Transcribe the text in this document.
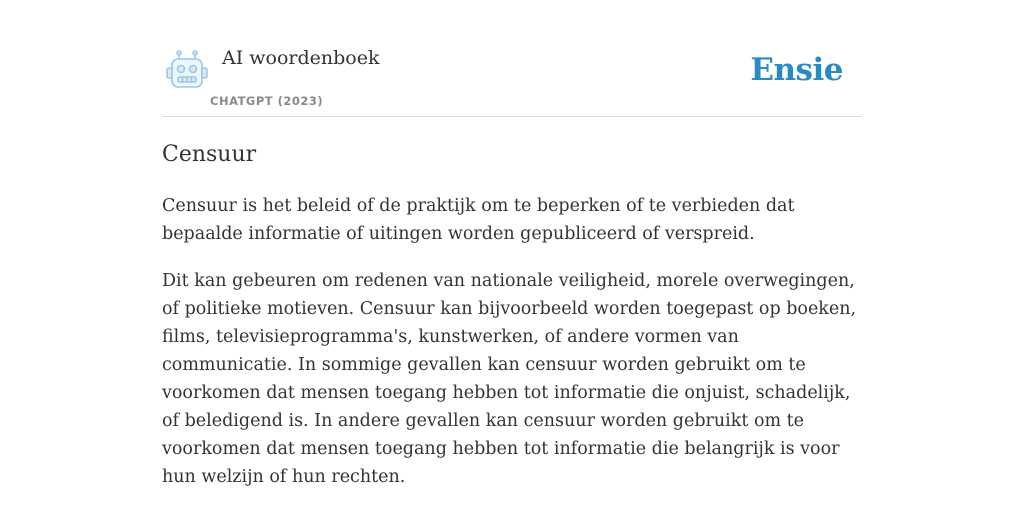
AI woordenboek
CHATGPT (2023)
Ensie
Censuur

Censuur is het beleid of de praktijk om te beperken of te verbieden dat bepaalde informatie of uitingen worden gepubliceerd of verspreid.

Dit kan gebeuren om redenen van nationale veiligheid, morele overwegingen, of politieke motieven. Censuur kan bijvoorbeeld worden toegepast op boeken, films, televisieprogramma's, kunstwerken, of andere vormen van communicatie. In sommige gevallen kan censuur worden gebruikt om te voorkomen dat mensen toegang hebben tot informatie die onjuist, schadelijk, of beledigend is. In andere gevallen kan censuur worden gebruikt om te voorkomen dat mensen toegang hebben tot informatie die belangrijk is voor hun welzijn of hun rechten.
